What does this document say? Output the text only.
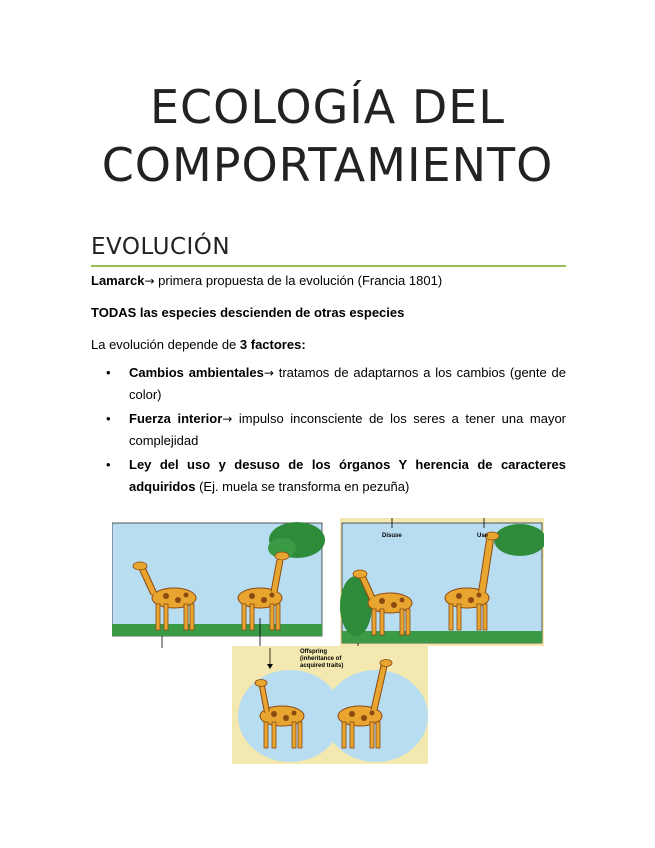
ECOLOGÍA DEL
COMPORTAMIENTO
EVOLUCIÓN
Lamarck→ primera propuesta de la evolución (Francia 1801)
TODAS las especies descienden de otras especies
La evolución depende de 3 factores:
• Cambios ambientales→ tratamos de adaptarnos a los cambios (gente de color)
• Fuerza interior→ impulso inconsciente de los seres a tener una mayor complejidad
• Ley del uso y desuso de los órganos Y herencia de caracteres adquiridos (Ej. muela se transforma en pezuña)
Disuse	Use
Offspring
(inheritance of
acquired traits)
